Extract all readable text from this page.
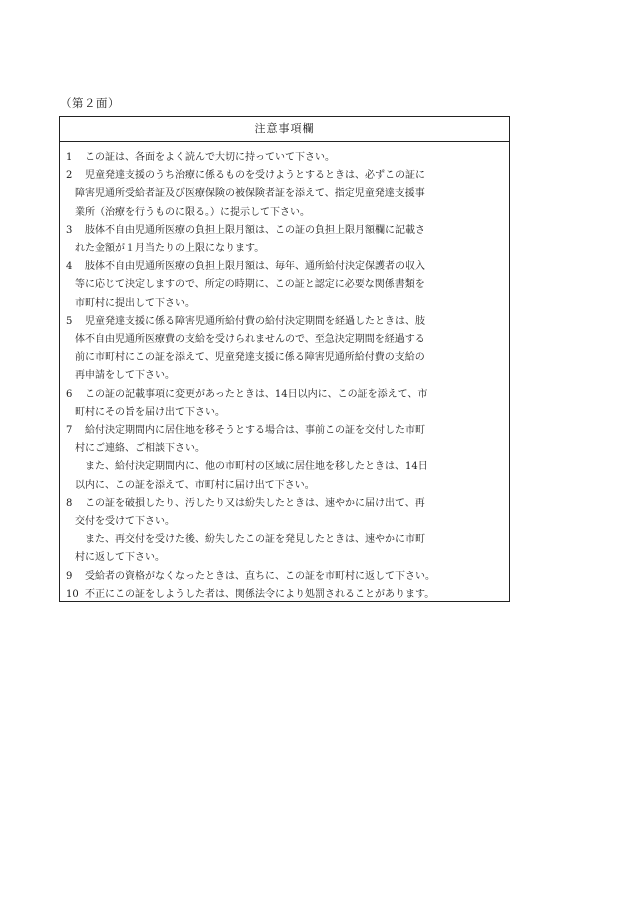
（第２面）
注意事項欄
1 この証は、各面をよく読んで大切に持っていて下さい。
2 児童発達支援のうち治療に係るものを受けようとするときは、必ずこの証に
障害児通所受給者証及び医療保険の被保険者証を添えて、指定児童発達支援事
業所（治療を行うものに限る。）に提示して下さい。
3 肢体不自由児通所医療の負担上限月額は、この証の負担上限月額欄に記載さ
れた金額が１月当たりの上限になります。
4 肢体不自由児通所医療の負担上限月額は、毎年、通所給付決定保護者の収入
等に応じて決定しますので、所定の時期に、この証と認定に必要な関係書類を
市町村に提出して下さい。
5 児童発達支援に係る障害児通所給付費の給付決定期間を経過したときは、肢
体不自由児通所医療費の支給を受けられませんので、至急決定期間を経過する
前に市町村にこの証を添えて、児童発達支援に係る障害児通所給付費の支給の
再申請をして下さい。
6 この証の記載事項に変更があったときは、14日以内に、この証を添えて、市
町村にその旨を届け出て下さい。
7 給付決定期間内に居住地を移そうとする場合は、事前この証を交付した市町
村にご連絡、ご相談下さい。
　また、給付決定期間内に、他の市町村の区域に居住地を移したときは、14日
以内に、この証を添えて、市町村に届け出て下さい。
8 この証を破損したり、汚したり又は紛失したときは、速やかに届け出て、再
交付を受けて下さい。
　また、再交付を受けた後、紛失したこの証を発見したときは、速やかに市町
村に返して下さい。
9 受給者の資格がなくなったときは、直ちに、この証を市町村に返して下さい。
10 不正にこの証をしようした者は、関係法令により処罰されることがあります。
